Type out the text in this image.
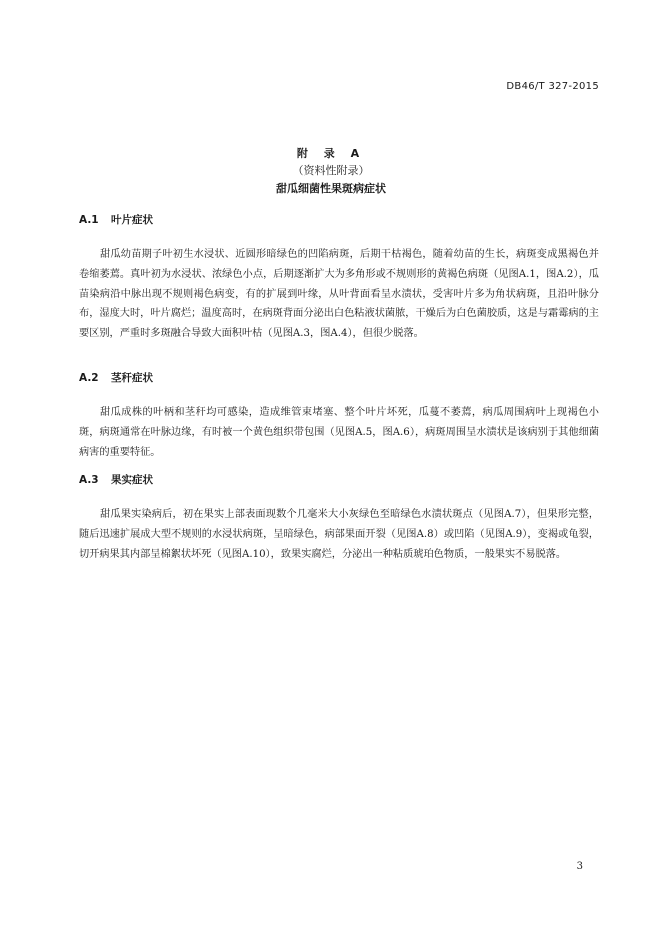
DB46/T 327-2015
附 录 A
（资料性附录）
甜瓜细菌性果斑病症状
A.1 叶片症状

甜瓜幼苗期子叶初生水浸状、近圆形暗绿色的凹陷病斑，后期干枯褐色，随着幼苗的生长，病斑变成黑褐色并卷缩萎蔫。真叶初为水浸状、浓绿色小点，后期逐渐扩大为多角形或不规则形的黄褐色病斑（见图A.1，图A.2），瓜苗染病沿中脉出现不规则褐色病变，有的扩展到叶缘，从叶背面看呈水渍状，受害叶片多为角状病斑，且沿叶脉分布，湿度大时，叶片腐烂；温度高时，在病斑背面分泌出白色粘液状菌脓，干燥后为白色菌胶质，这是与霜霉病的主要区别，严重时多斑融合导致大面积叶枯（见图A.3，图A.4），但很少脱落。

A.2 茎秆症状

甜瓜成株的叶柄和茎秆均可感染，造成维管束堵塞、整个叶片坏死，瓜蔓不萎蔫，病瓜周围病叶上现褐色小斑，病斑通常在叶脉边缘，有时被一个黄色组织带包围（见图A.5，图A.6），病斑周围呈水渍状是该病别于其他细菌病害的重要特征。

A.3 果实症状

甜瓜果实染病后，初在果实上部表面现数个几毫米大小灰绿色至暗绿色水渍状斑点（见图A.7），但果形完整，随后迅速扩展成大型不规则的水浸状病斑，呈暗绿色，病部果面开裂（见图A.8）或凹陷（见图A.9），变褐或龟裂，切开病果其内部呈棉絮状坏死（见图A.10），致果实腐烂，分泌出一种粘质琥珀色物质，一般果实不易脱落。

3
